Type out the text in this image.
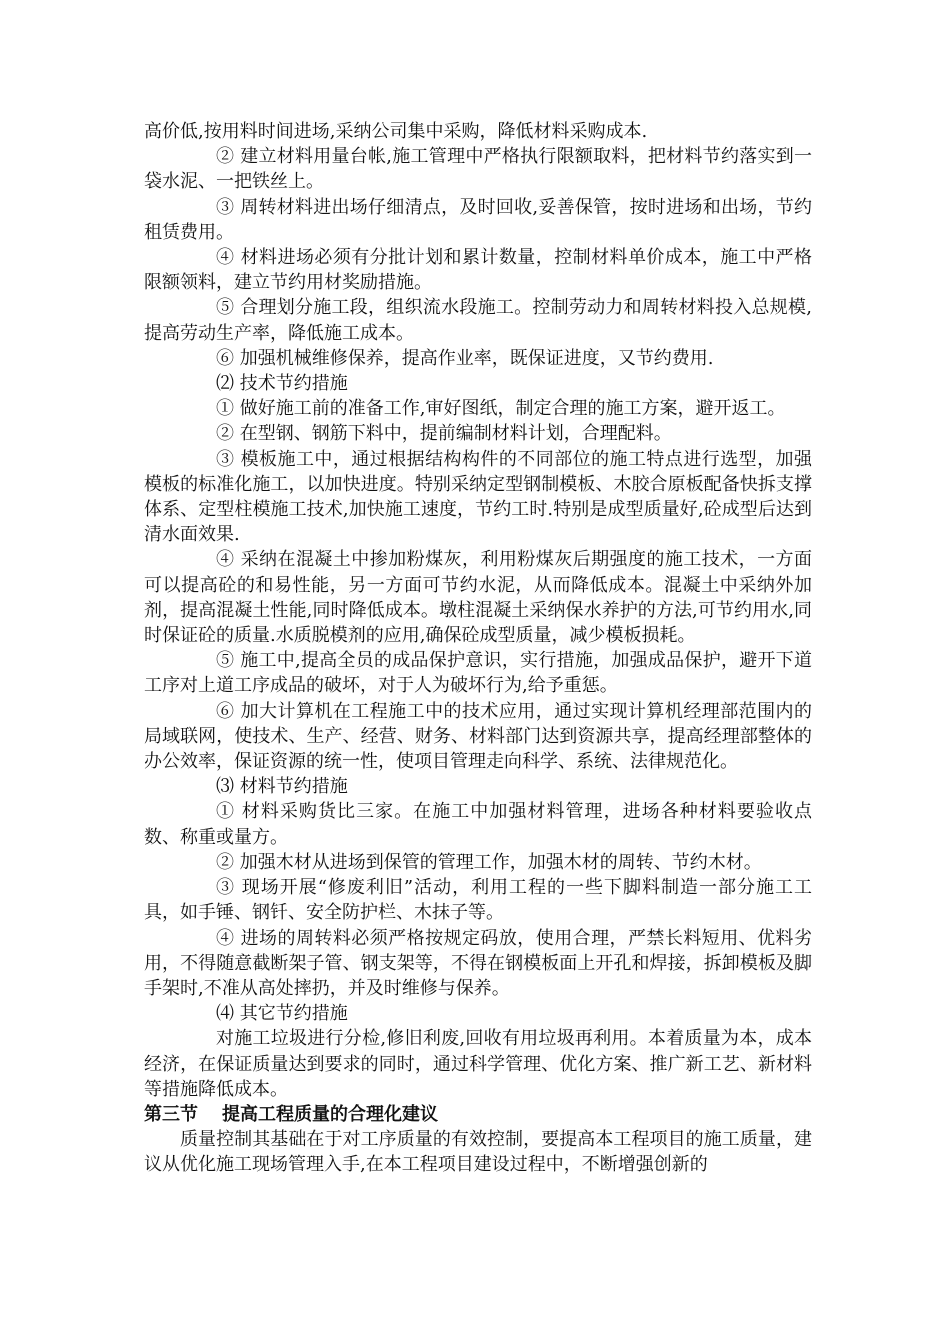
高价低,按用料时间进场,采纳公司集中采购，降低材料采购成本.

② 建立材料用量台帐,施工管理中严格执行限额取料，把材料节约落实到一袋水泥、一把铁丝上。

③ 周转材料进出场仔细清点，及时回收,妥善保管，按时进场和出场，节约租赁费用。

④ 材料进场必须有分批计划和累计数量，控制材料单价成本，施工中严格限额领料，建立节约用材奖励措施。

⑤ 合理划分施工段，组织流水段施工。控制劳动力和周转材料投入总规模,提高劳动生产率，降低施工成本。

⑥ 加强机械维修保养，提高作业率，既保证进度，又节约费用.

⑵ 技术节约措施

① 做好施工前的准备工作,审好图纸，制定合理的施工方案，避开返工。

② 在型钢、钢筋下料中，提前编制材料计划，合理配料。

③ 模板施工中，通过根据结构构件的不同部位的施工特点进行选型，加强模板的标准化施工，以加快进度。特别采纳定型钢制模板、木胶合原板配备快拆支撑体系、定型柱模施工技术,加快施工速度，节约工时.特别是成型质量好,砼成型后达到清水面效果.

④ 采纳在混凝土中掺加粉煤灰，利用粉煤灰后期强度的施工技术，一方面可以提高砼的和易性能，另一方面可节约水泥，从而降低成本。混凝土中采纳外加剂，提高混凝土性能,同时降低成本。墩柱混凝土采纳保水养护的方法,可节约用水,同时保证砼的质量.水质脱模剂的应用,确保砼成型质量，减少模板损耗。

⑤ 施工中,提高全员的成品保护意识，实行措施，加强成品保护，避开下道工序对上道工序成品的破坏，对于人为破坏行为,给予重惩。

⑥ 加大计算机在工程施工中的技术应用，通过实现计算机经理部范围内的局域联网，使技术、生产、经营、财务、材料部门达到资源共享，提高经理部整体的办公效率，保证资源的统一性，使项目管理走向科学、系统、法律规范化。

⑶ 材料节约措施

① 材料采购货比三家。在施工中加强材料管理，进场各种材料要验收点数、称重或量方。

② 加强木材从进场到保管的管理工作，加强木材的周转、节约木材。

③ 现场开展“修废利旧”活动，利用工程的一些下脚料制造一部分施工工具，如手锤、钢钎、安全防护栏、木抹子等。

④ 进场的周转料必须严格按规定码放，使用合理，严禁长料短用、优料劣用，不得随意截断架子管、钢支架等，不得在钢模板面上开孔和焊接，拆卸模板及脚手架时,不准从高处摔扔，并及时维修与保养。

⑷ 其它节约措施

对施工垃圾进行分检,修旧利废,回收有用垃圾再利用。本着质量为本，成本经济，在保证质量达到要求的同时，通过科学管理、优化方案、推广新工艺、新材料等措施降低成本。

第三节 提高工程质量的合理化建议

质量控制其基础在于对工序质量的有效控制，要提高本工程项目的施工质量，建议从优化施工现场管理入手,在本工程项目建设过程中，不断增强创新的
